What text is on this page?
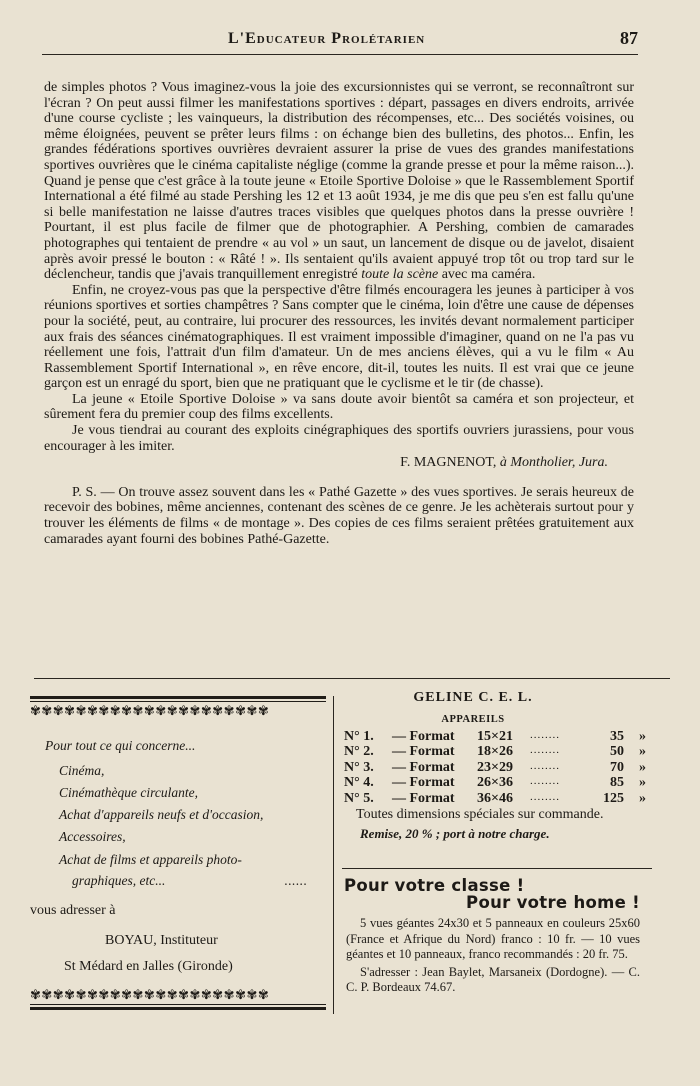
L'Educateur Prolétarien	87

de simples photos ? Vous imaginez-vous la joie des excursionnistes qui se verront, se reconnaîtront sur l'écran ? On peut aussi filmer les manifestations sportives : départ, passages en divers endroits, arrivée d'une course cycliste ; les vainqueurs, la distribution des récompenses, etc... Des sociétés voisines, ou même éloignées, peuvent se prêter leurs films : on échange bien des bulletins, des photos... Enfin, les grandes fédérations sportives ouvrières devraient assurer la prise de vues des grandes manifestations sportives ouvrières que le cinéma capitaliste néglige (comme la grande presse et pour la même raison...). Quand je pense que c'est grâce à la toute jeune « Etoile Sportive Doloise » que le Rassemblement Sportif International a été filmé au stade Pershing les 12 et 13 août 1934, je me dis que peu s'en est fallu qu'une si belle manifestation ne laisse d'autres traces visibles que quelques photos dans la presse ouvrière ! Pourtant, il est plus facile de filmer que de photographier. A Pershing, combien de camarades photographes qui tentaient de prendre « au vol » un saut, un lancement de disque ou de javelot, disaient après avoir pressé le bouton : « Râté ! ». Ils sentaient qu'ils avaient appuyé trop tôt ou trop tard sur le déclencheur, tandis que j'avais tranquillement enregistré toute la scène avec ma caméra.

Enfin, ne croyez-vous pas que la perspective d'être filmés encouragera les jeunes à participer à vos réunions sportives et sorties champêtres ? Sans compter que le cinéma, loin d'être une cause de dépenses pour la société, peut, au contraire, lui procurer des ressources, les invités devant normalement participer aux frais des séances cinématographiques. Il est vraiment impossible d'imaginer, quand on ne l'a pas vu réellement une fois, l'attrait d'un film d'amateur. Un de mes anciens élèves, qui a vu le film « Au Rassemblement Sportif International », en rêve encore, dit-il, toutes les nuits. Il est vrai que ce jeune garçon est un enragé du sport, bien que ne pratiquant que le cyclisme et le tir (de chasse).

La jeune « Etoile Sportive Doloise » va sans doute avoir bientôt sa caméra et son projecteur, et sûrement fera du premier coup des films excellents.

Je vous tiendrai au courant des exploits cinégraphiques des sportifs ouvriers jurassiens, pour vous encourager à les imiter.

F. MAGNENOT, à Montholier, Jura.

P. S. — On trouve assez souvent dans les « Pathé Gazette » des vues sportives. Je serais heureux de recevoir des bobines, même anciennes, contenant des scènes de ce genre. Je les achèterais surtout pour y trouver les éléments de films « de montage ». Des copies de ces films seraient prêtées gratuitement aux camarades ayant fourni des bobines Pathé-Gazette.

✾✾✾✾✾✾✾✾✾✾✾✾✾✾✾✾✾✾✾✾✾
Pour tout ce qui concerne...
Cinéma,
Cinémathèque circulante,
Achat d'appareils neufs et d'occasion,
Accessoires,
Achat de films et appareils photo-
graphiques, etc...	......
vous adresser à
BOYAU, Instituteur
St Médard en Jalles (Gironde)
✾✾✾✾✾✾✾✾✾✾✾✾✾✾✾✾✾✾✾✾✾
GELINE C. E. L.
APPAREILS
N° 1. — Format 15×21 ........	35 »
N° 2. — Format 18×26 ........	50 »
N° 3. — Format 23×29 ........	70 »
N° 4. — Format 26×36 ........	85 »
N° 5. — Format 36×46 ........	125 »
Toutes dimensions spéciales sur commande.
Remise, 20 % ; port à notre charge.
Pour votre classe !
Pour votre home !

5 vues géantes 24x30 et 5 panneaux en couleurs 25x60 (France et Afrique du Nord) franco : 10 fr. — 10 vues géantes et 10 panneaux, franco recommandés : 20 fr. 75.

S'adresser : Jean Baylet, Marsaneix (Dordogne). — C. C. P. Bordeaux 74.67.
